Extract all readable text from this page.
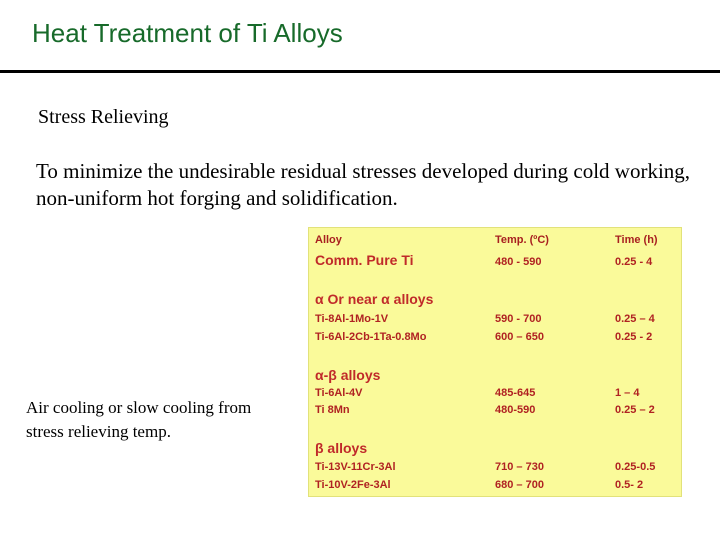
Heat Treatment of Ti Alloys
Stress Relieving
To minimize the undesirable residual stresses developed during cold working, non-uniform hot forging and solidification.
Air cooling or slow cooling from stress relieving temp.
Alloy	Temp. (ºC)	Time (h)
Comm. Pure Ti	480 - 590	0.25 - 4
α Or near α alloys
Ti-8Al-1Mo-1V	590 - 700	0.25 – 4
Ti-6Al-2Cb-1Ta-0.8Mo	600 – 650	0.25 - 2
α-β alloys
Ti-6Al-4V	485-645	1 – 4
Ti 8Mn	480-590	0.25 – 2
β alloys
Ti-13V-11Cr-3Al	710 – 730	0.25-0.5
Ti-10V-2Fe-3Al	680 – 700	0.5- 2
